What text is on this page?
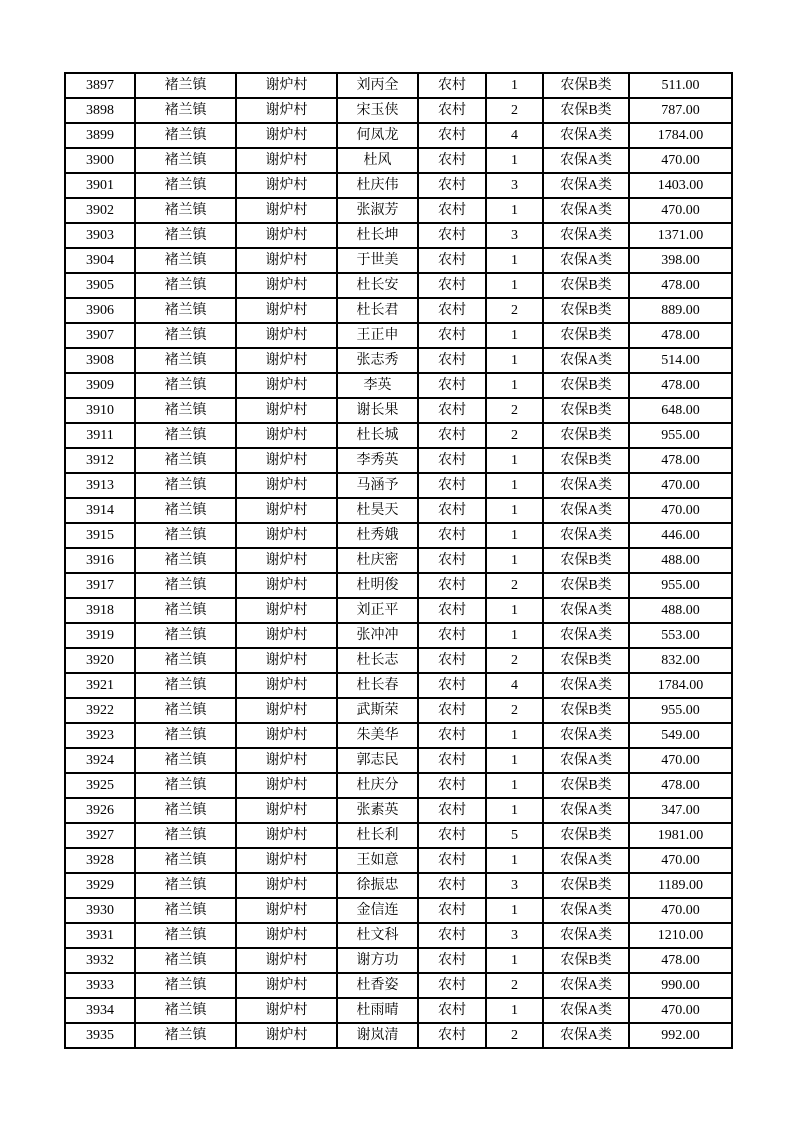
3897	褚兰镇	谢炉村	刘丙全	农村	1	农保B类	511.00
3898	褚兰镇	谢炉村	宋玉侠	农村	2	农保B类	787.00
3899	褚兰镇	谢炉村	何凤龙	农村	4	农保A类	1784.00
3900	褚兰镇	谢炉村	杜风	农村	1	农保A类	470.00
3901	褚兰镇	谢炉村	杜庆伟	农村	3	农保A类	1403.00
3902	褚兰镇	谢炉村	张淑芳	农村	1	农保A类	470.00
3903	褚兰镇	谢炉村	杜长坤	农村	3	农保A类	1371.00
3904	褚兰镇	谢炉村	于世美	农村	1	农保A类	398.00
3905	褚兰镇	谢炉村	杜长安	农村	1	农保B类	478.00
3906	褚兰镇	谢炉村	杜长君	农村	2	农保B类	889.00
3907	褚兰镇	谢炉村	王正申	农村	1	农保B类	478.00
3908	褚兰镇	谢炉村	张志秀	农村	1	农保A类	514.00
3909	褚兰镇	谢炉村	李英	农村	1	农保B类	478.00
3910	褚兰镇	谢炉村	谢长果	农村	2	农保B类	648.00
3911	褚兰镇	谢炉村	杜长城	农村	2	农保B类	955.00
3912	褚兰镇	谢炉村	李秀英	农村	1	农保B类	478.00
3913	褚兰镇	谢炉村	马涵予	农村	1	农保A类	470.00
3914	褚兰镇	谢炉村	杜昊天	农村	1	农保A类	470.00
3915	褚兰镇	谢炉村	杜秀娥	农村	1	农保A类	446.00
3916	褚兰镇	谢炉村	杜庆密	农村	1	农保B类	488.00
3917	褚兰镇	谢炉村	杜明俊	农村	2	农保B类	955.00
3918	褚兰镇	谢炉村	刘正平	农村	1	农保A类	488.00
3919	褚兰镇	谢炉村	张冲冲	农村	1	农保A类	553.00
3920	褚兰镇	谢炉村	杜长志	农村	2	农保B类	832.00
3921	褚兰镇	谢炉村	杜长春	农村	4	农保A类	1784.00
3922	褚兰镇	谢炉村	武斯荣	农村	2	农保B类	955.00
3923	褚兰镇	谢炉村	朱美华	农村	1	农保A类	549.00
3924	褚兰镇	谢炉村	郭志民	农村	1	农保A类	470.00
3925	褚兰镇	谢炉村	杜庆分	农村	1	农保B类	478.00
3926	褚兰镇	谢炉村	张素英	农村	1	农保A类	347.00
3927	褚兰镇	谢炉村	杜长利	农村	5	农保B类	1981.00
3928	褚兰镇	谢炉村	王如意	农村	1	农保A类	470.00
3929	褚兰镇	谢炉村	徐振忠	农村	3	农保B类	1189.00
3930	褚兰镇	谢炉村	金信连	农村	1	农保A类	470.00
3931	褚兰镇	谢炉村	杜文科	农村	3	农保A类	1210.00
3932	褚兰镇	谢炉村	谢方功	农村	1	农保B类	478.00
3933	褚兰镇	谢炉村	杜香姿	农村	2	农保A类	990.00
3934	褚兰镇	谢炉村	杜雨晴	农村	1	农保A类	470.00
3935	褚兰镇	谢炉村	谢岚清	农村	2	农保A类	992.00
